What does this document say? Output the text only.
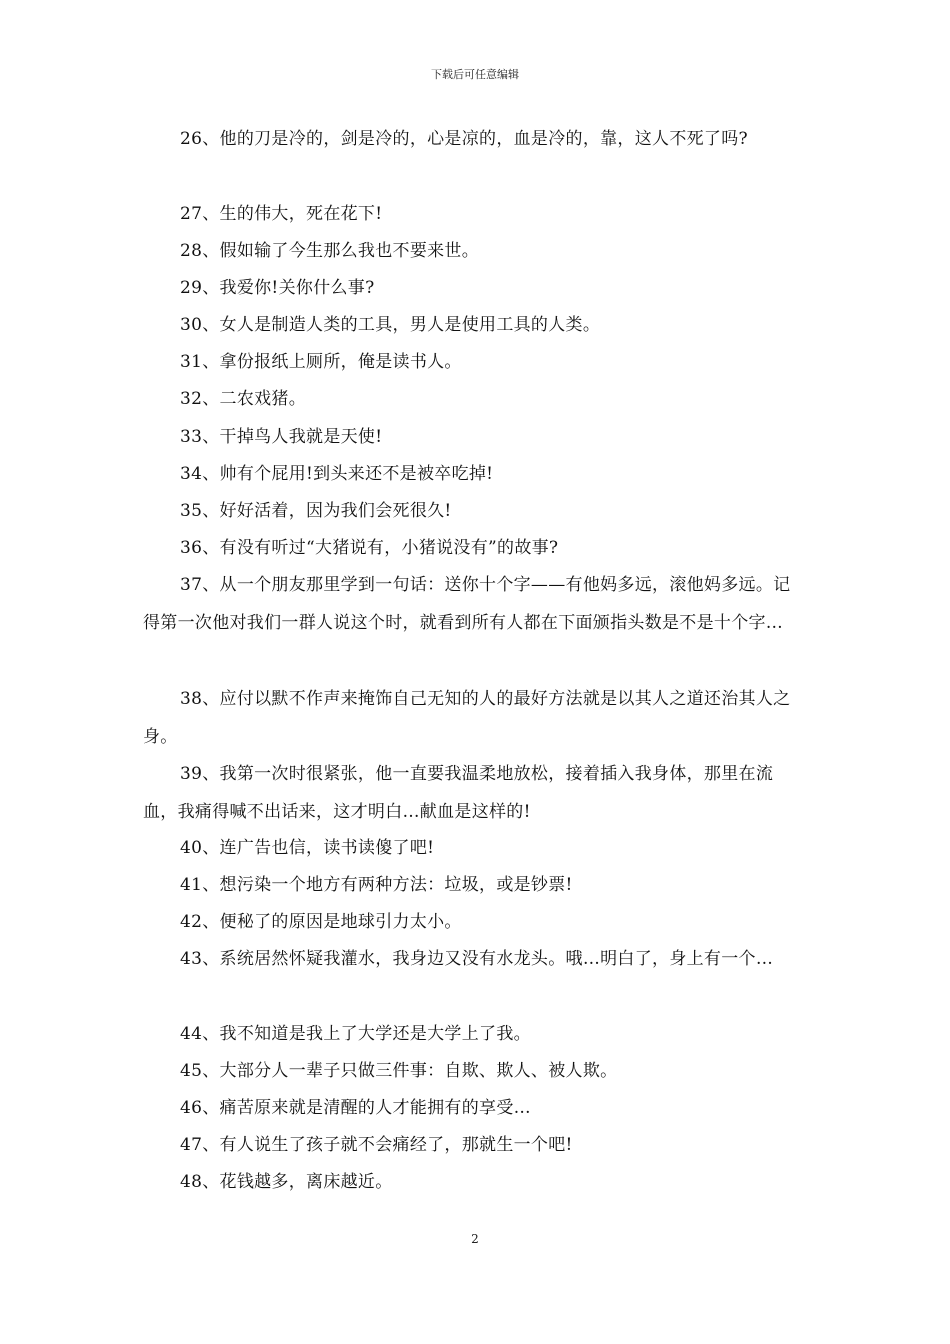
下载后可任意编辑

26、他的刀是冷的，剑是冷的，心是凉的，血是冷的，靠，这人不死了吗?

27、生的伟大，死在花下!

28、假如输了今生那么我也不要来世。

29、我爱你!关你什么事?

30、女人是制造人类的工具，男人是使用工具的人类。

31、拿份报纸上厕所，俺是读书人。

32、二农戏猪。

33、干掉鸟人我就是天使!

34、帅有个屁用!到头来还不是被卒吃掉!

35、好好活着，因为我们会死很久!

36、有没有听过“大猪说有，小猪说没有”的故事?

37、从一个朋友那里学到一句话：送你十个字——有他妈多远，滚他妈多远。记得第一次他对我们一群人说这个时，就看到所有人都在下面颁指头数是不是十个字…

38、应付以默不作声来掩饰自己无知的人的最好方法就是以其人之道还治其人之身。

39、我第一次时很紧张，他一直要我温柔地放松，接着插入我身体，那里在流血，我痛得喊不出话来，这才明白…献血是这样的!

40、连广告也信，读书读傻了吧!

41、想污染一个地方有两种方法：垃圾，或是钞票!

42、便秘了的原因是地球引力太小。

43、系统居然怀疑我灌水，我身边又没有水龙头。哦…明白了，身上有一个…

44、我不知道是我上了大学还是大学上了我。

45、大部分人一辈子只做三件事：自欺、欺人、被人欺。

46、痛苦原来就是清醒的人才能拥有的享受…

47、有人说生了孩子就不会痛经了，那就生一个吧!

48、花钱越多，离床越近。

2
